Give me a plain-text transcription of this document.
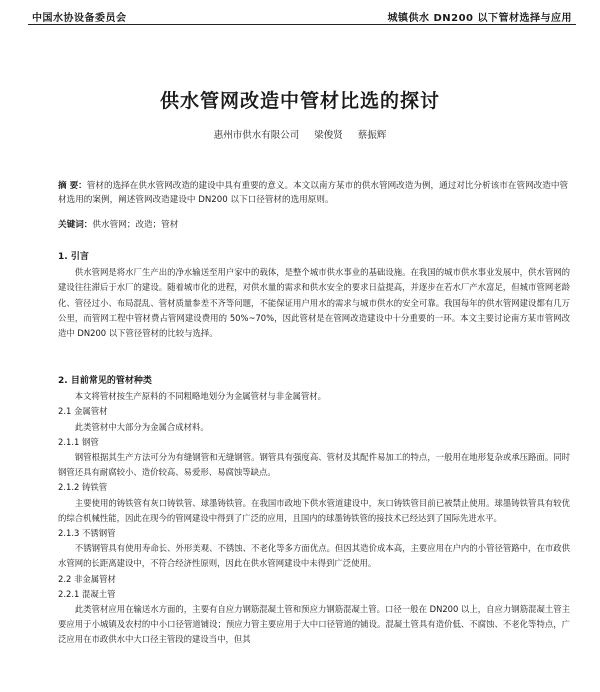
中国水协设备委员会	城镇供水 DN200 以下管材选择与应用
供水管网改造中管材比选的探讨
惠州市供水有限公司 梁俊贤 蔡振辉
摘 要：管材的选择在供水管网改造的建设中具有重要的意义。本文以南方某市的供水管网改造为例，通过对比分析该市在管网改造中管材选用的案例，阐述管网改造建设中 DN200 以下口径管材的选用原则。
关键词：供水管网；改造；管材
1. 引言

供水管网是将水厂生产出的净水输送至用户家中的载体，是整个城市供水事业的基础设施。在我国的城市供水事业发展中，供水管网的建设往往滞后于水厂的建设。随着城市化的进程，对供水量的需求和供水安全的要求日益提高，并逐步在若水厂产水富足，但城市管网老龄化、管径过小、布局混乱、管材质量参差不齐等问题，不能保证用户用水的需求与城市供水的安全可靠。我国每年的供水管网建设都有几万公里，而管网工程中管材费占管网建设费用的 50%~70%，因此管材是在管网改造建设中十分重要的一环。本文主要讨论南方某市管网改造中 DN200 以下管径管材的比较与选择。

2. 目前常见的管材种类

本文将管材按生产原料的不同粗略地划分为金属管材与非金属管材。

2.1 金属管材

此类管材中大部分为金属合成材料。

2.1.1 钢管

钢管根据其生产方法可分为有缝钢管和无缝钢管。钢管具有强度高、管材及其配件易加工的特点，一般用在地形复杂或承压路面。同时钢管还具有耐腐较小、造价较高、易爱形、易腐蚀等缺点。

2.1.2 铸铁管

主要使用的铸铁管有灰口铸铁管、球墨铸铁管。在我国市政地下供水管道建设中，灰口铸铁管目前已被禁止使用。球墨铸铁管具有较优的综合机械性能，因此在现今的管网建设中得到了广泛的应用，且国内的球墨铸铁管的接技术已经达到了国际先进水平。

2.1.3 不锈钢管

不锈钢管具有使用寿命长、外形美观、不锈蚀、不老化等多方面优点。但因其造价成本高，主要应用在户内的小管径管路中，在市政供水管网的长距离建设中，不符合经济性原则，因此在供水管网建设中未得到广泛使用。

2.2 非金属管材
2.2.1 混凝土管

此类管材应用在输送水方面的，主要有自应力钢筋混凝土管和预应力钢筋混凝土管。口径一般在 DN200 以上，自应力钢筋混凝土管主要应用于小城镇及农村的中小口径管道铺设；预应力管主要应用于大中口径管道的铺设。混凝土管具有造价低、不腐蚀、不老化等特点，广泛应用在市政供水中大口径主管段的建设当中，但其
